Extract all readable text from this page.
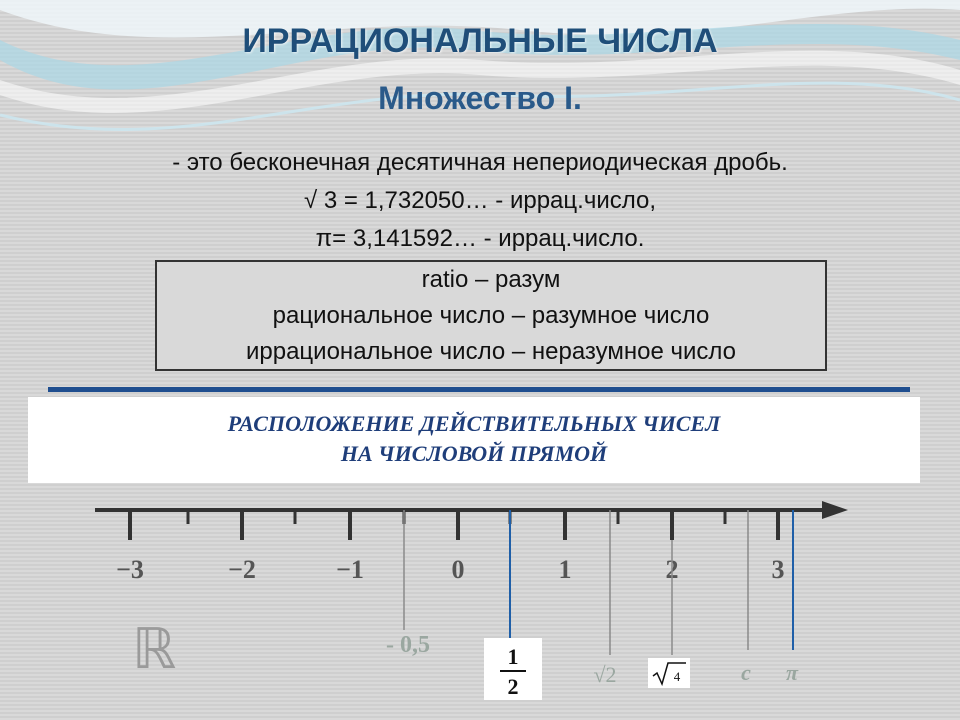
ИРРАЦИОНАЛЬНЫЕ ЧИСЛА
Множество I.

- это бесконечная десятичная непериодическая дробь.

√ 3 = 1,732050… - иррац.число,

π= 3,141592… - иррац.число.

ratio – разум
рациональное число – разумное число
иррациональное число – неразумное число
РАСПОЛОЖЕНИЕ ДЕЙСТВИТЕЛЬНЫХ ЧИСЕЛ
НА ЧИСЛОВОЙ ПРЯМОЙ
−3	−2	−1	0	1	2	3
ℝ	- 0,5	1
2	√2	4	c π
